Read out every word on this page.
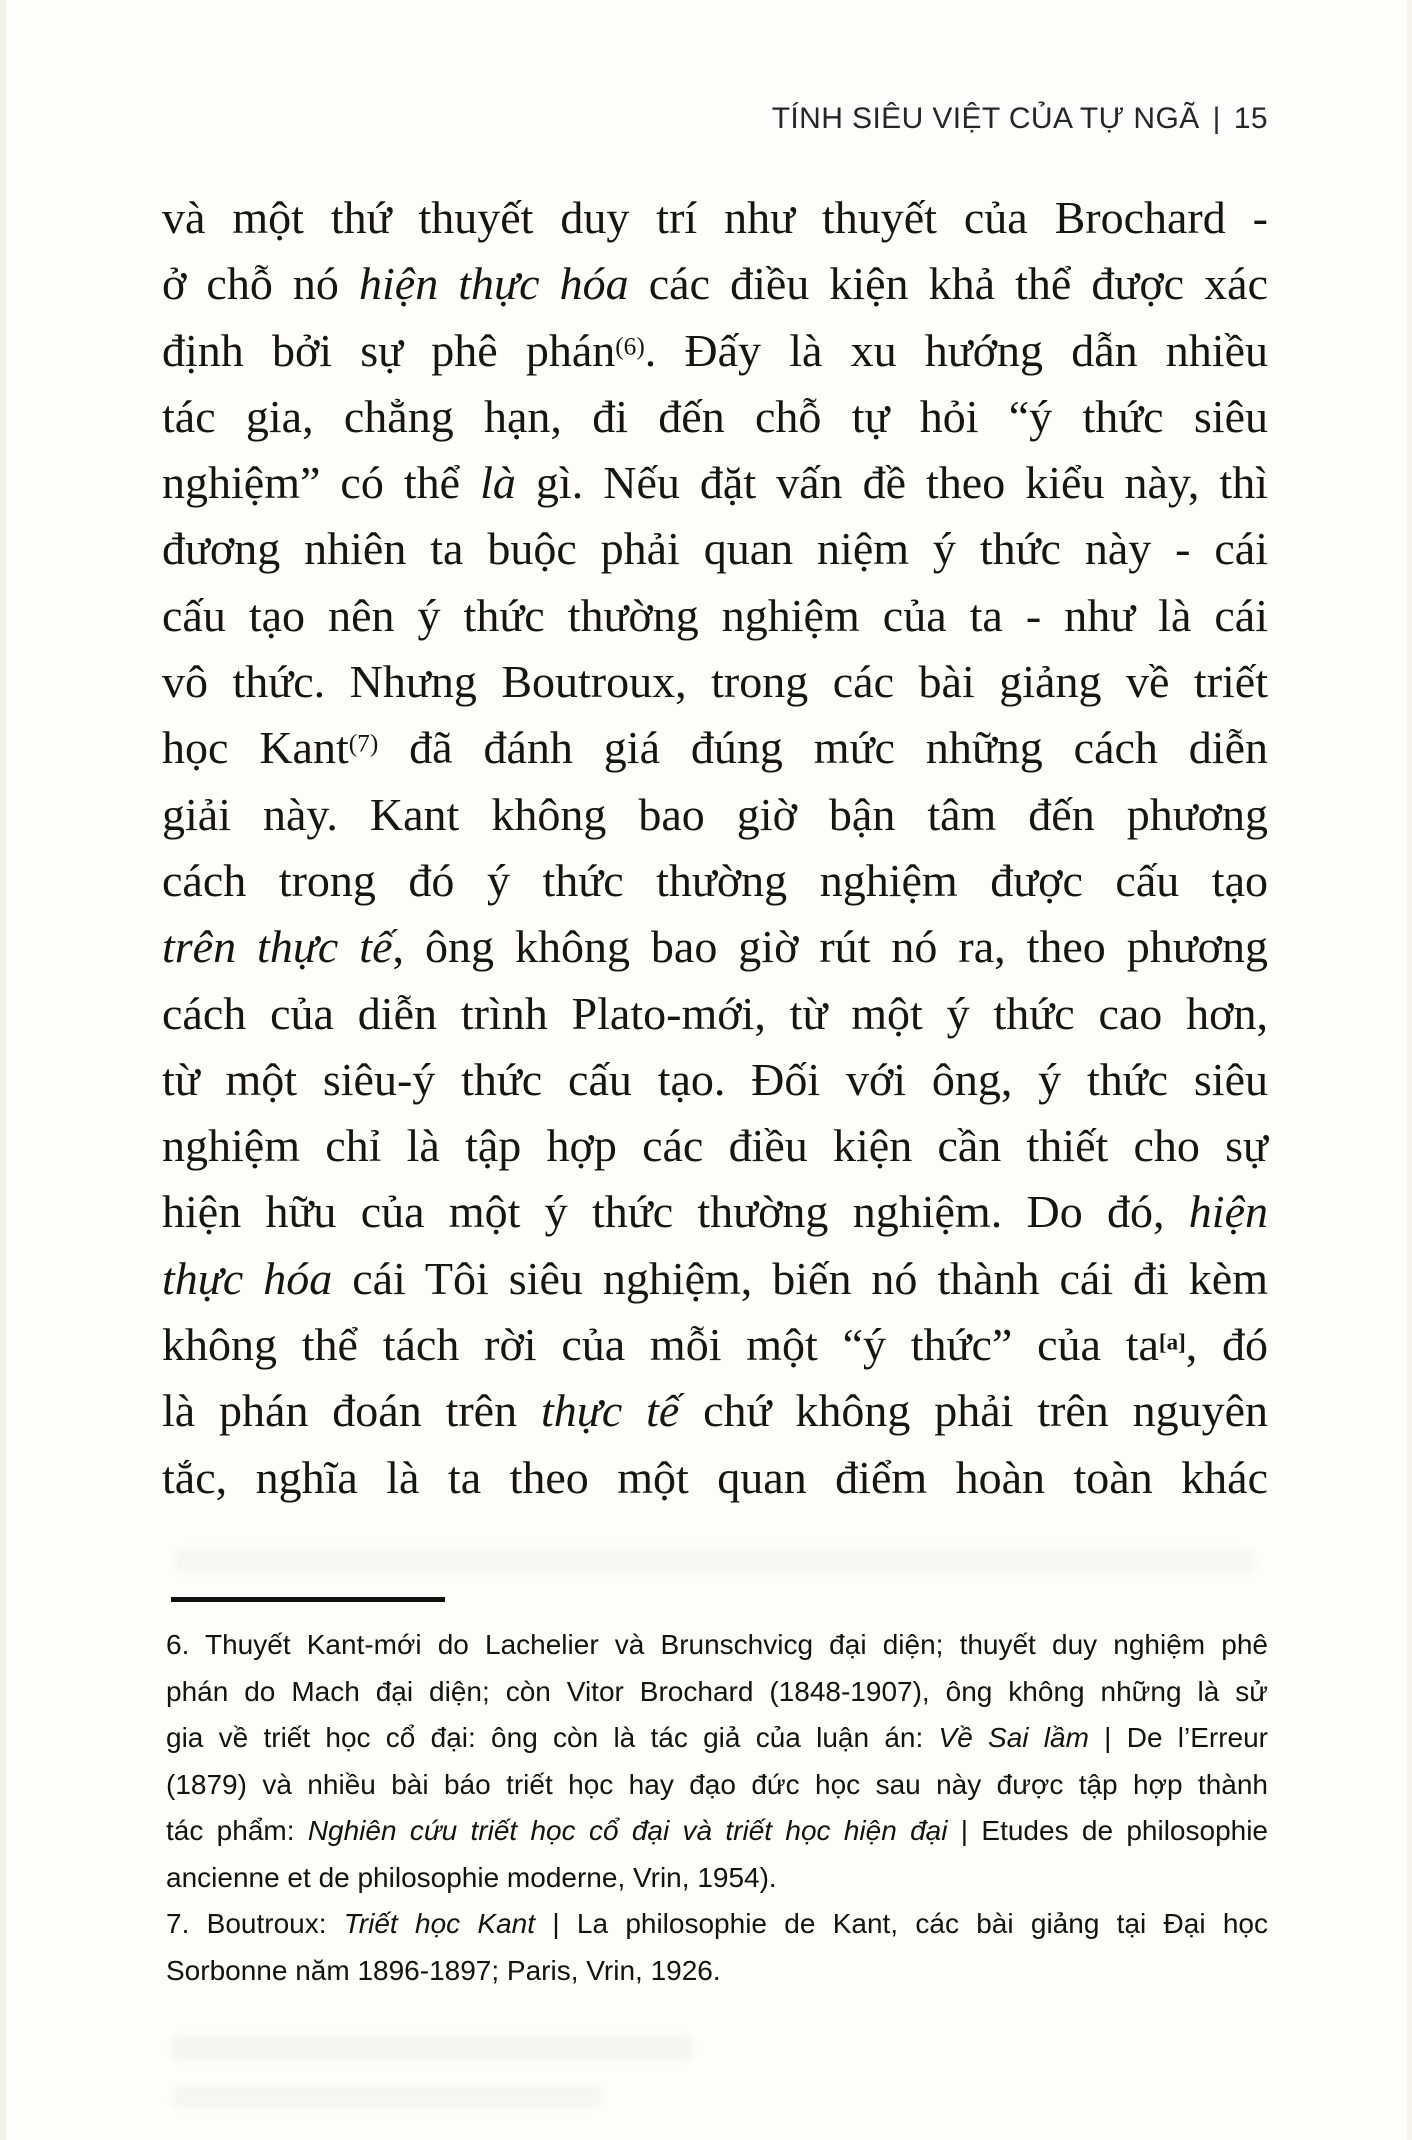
TÍNH SIÊU VIỆT CỦA TỰ NGÃ | 15
và một thứ thuyết duy trí như thuyết của Brochard -
ở chỗ nó hiện thực hóa các điều kiện khả thể được xác
định bởi sự phê phán$^{(6)}$. Đấy là xu hướng dẫn nhiều
tác gia, chẳng hạn, đi đến chỗ tự hỏi “ý thức siêu
nghiệm” có thể là gì. Nếu đặt vấn đề theo kiểu này, thì
đương nhiên ta buộc phải quan niệm ý thức này - cái
cấu tạo nên ý thức thường nghiệm của ta - như là cái
vô thức. Nhưng Boutroux, trong các bài giảng về triết
học Kant$^{(7)}$ đã đánh giá đúng mức những cách diễn
giải này. Kant không bao giờ bận tâm đến phương
cách trong đó ý thức thường nghiệm được cấu tạo
trên thực tế, ông không bao giờ rút nó ra, theo phương
cách của diễn trình Plato-mới, từ một ý thức cao hơn,
từ một siêu-ý thức cấu tạo. Đối với ông, ý thức siêu
nghiệm chỉ là tập hợp các điều kiện cần thiết cho sự
hiện hữu của một ý thức thường nghiệm. Do đó, hiện
thực hóa cái Tôi siêu nghiệm, biến nó thành cái đi kèm
không thể tách rời của mỗi một “ý thức” của ta[a], đó
là phán đoán trên thực tế chứ không phải trên nguyên
tắc, nghĩa là ta theo một quan điểm hoàn toàn khác
6. Thuyết Kant-mới do Lachelier và Brunschvicg đại diện; thuyết duy nghiệm phê
phán do Mach đại diện; còn Vitor Brochard (1848-1907), ông không những là sử
gia về triết học cổ đại: ông còn là tác giả của luận án: Về Sai lầm | De l’Erreur
(1879) và nhiều bài báo triết học hay đạo đức học sau này được tập hợp thành
tác phẩm: Nghiên cứu triết học cổ đại và triết học hiện đại | Etudes de philosophie
ancienne et de philosophie moderne, Vrin, 1954).
7. Boutroux: Triết học Kant | La philosophie de Kant, các bài giảng tại Đại học
Sorbonne năm 1896-1897; Paris, Vrin, 1926.
